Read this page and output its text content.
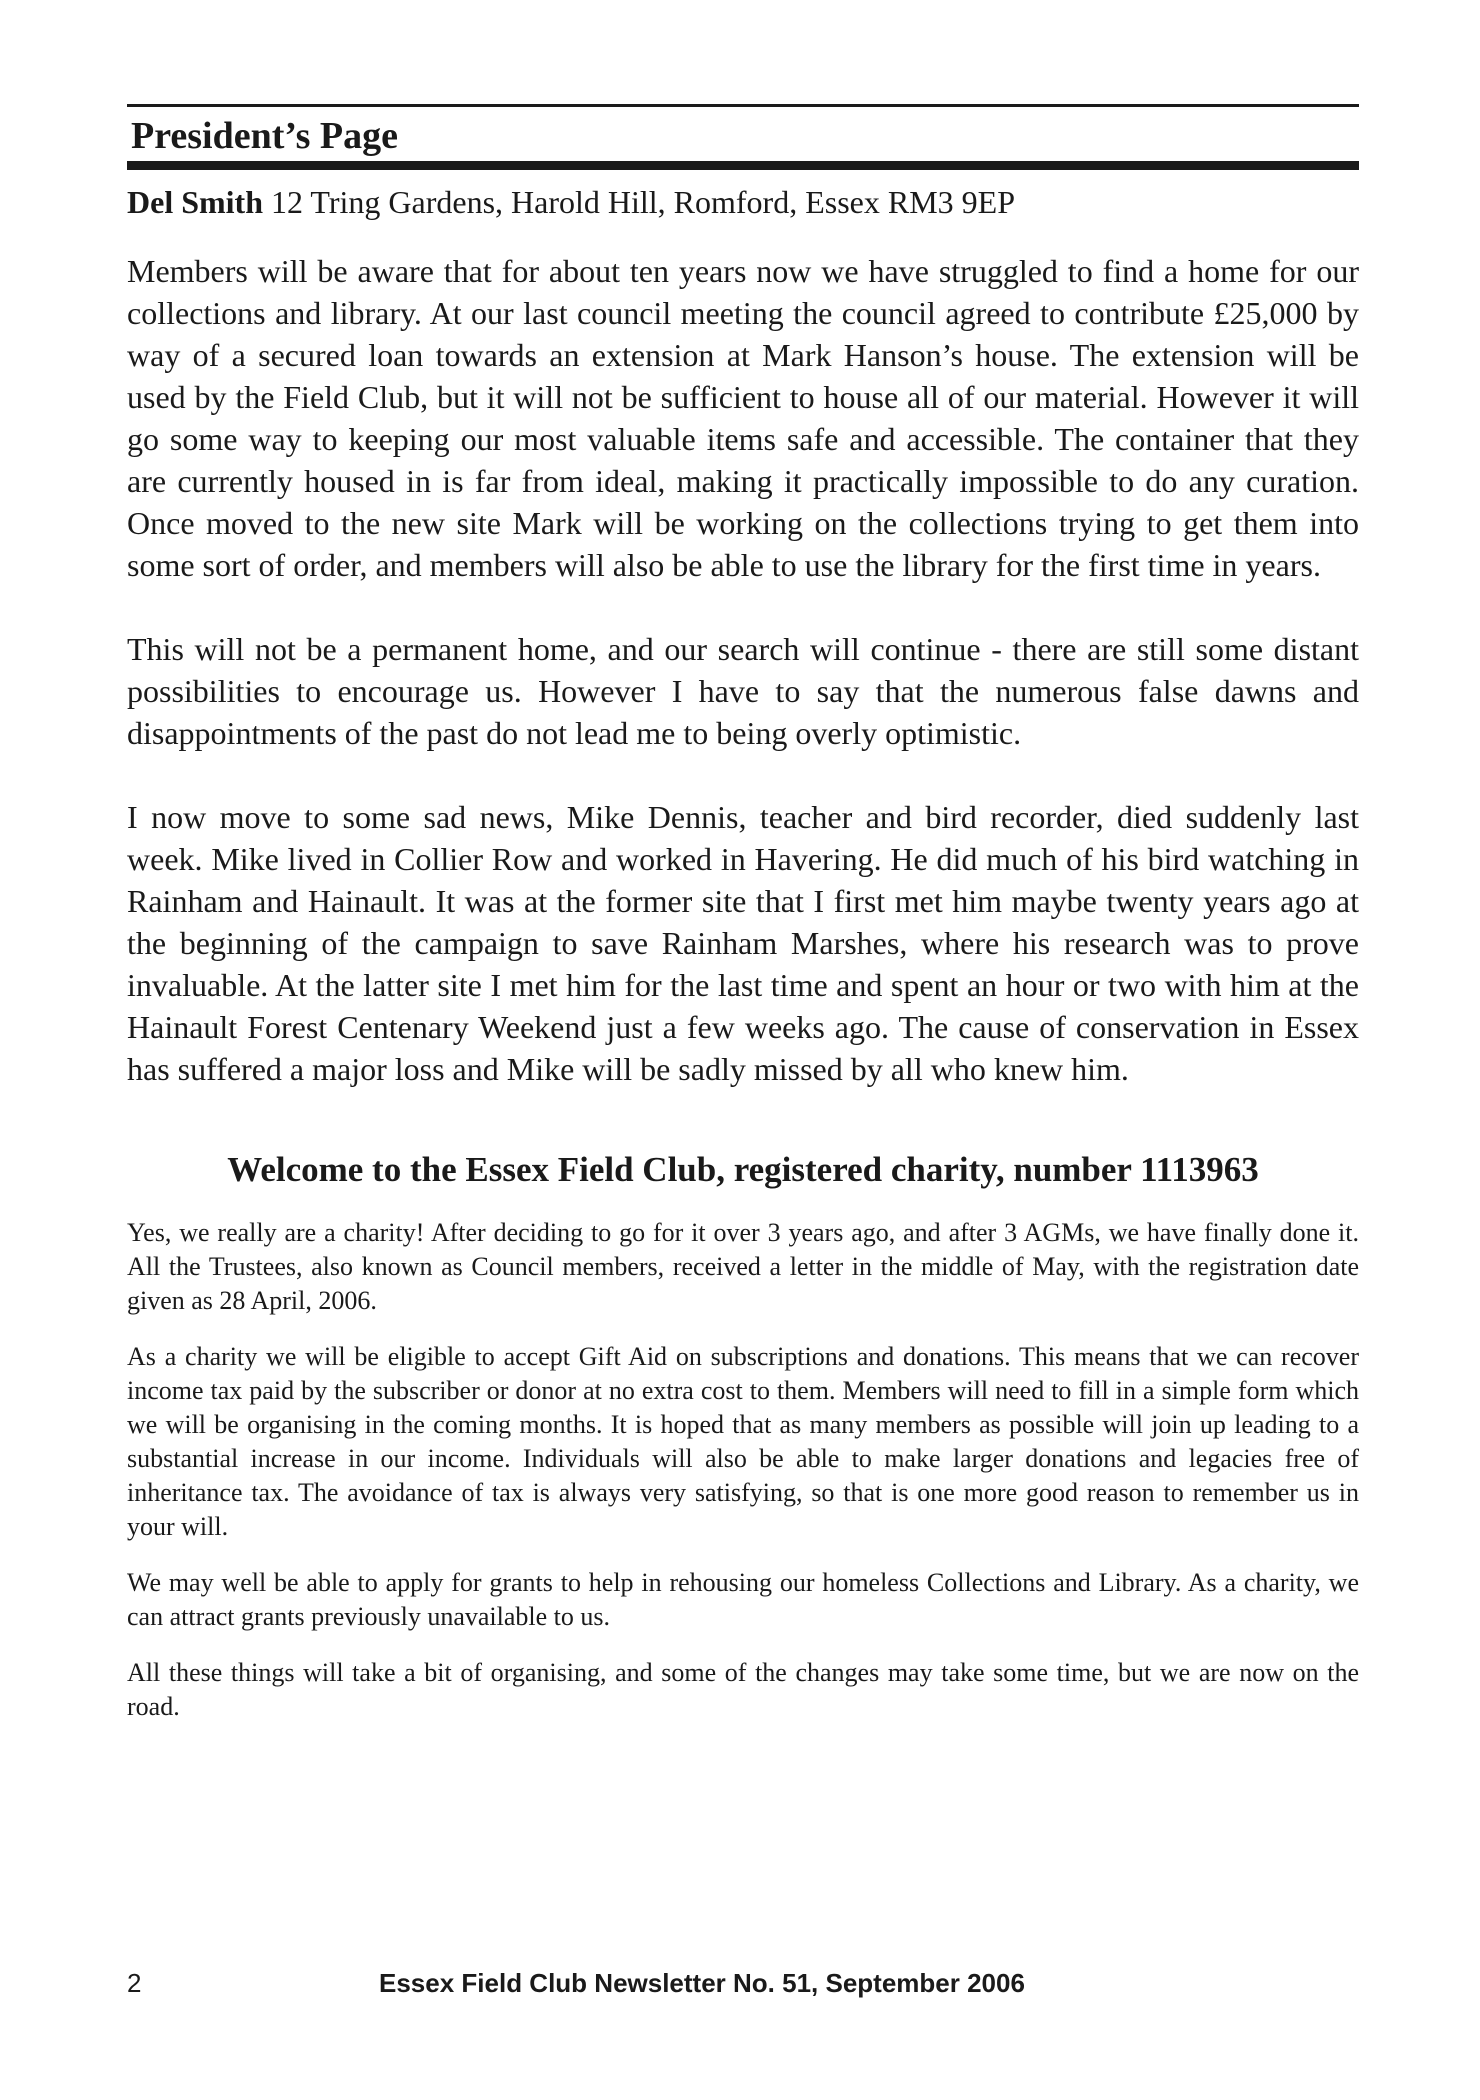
President’s Page

Del Smith 12 Tring Gardens, Harold Hill, Romford, Essex RM3 9EP

Members will be aware that for about ten years now we have struggled to find a home for our collections and library. At our last council meeting the council agreed to contribute £25,000 by way of a secured loan towards an extension at Mark Hanson’s house. The extension will be used by the Field Club, but it will not be sufficient to house all of our material. However it will go some way to keeping our most valuable items safe and accessible. The container that they are currently housed in is far from ideal, making it practically impossible to do any curation. Once moved to the new site Mark will be working on the collections trying to get them into some sort of order, and members will also be able to use the library for the first time in years.

This will not be a permanent home, and our search will continue - there are still some distant possibilities to encourage us. However I have to say that the numerous false dawns and disappointments of the past do not lead me to being overly optimistic.

I now move to some sad news, Mike Dennis, teacher and bird recorder, died suddenly last week. Mike lived in Collier Row and worked in Havering. He did much of his bird watching in Rainham and Hainault. It was at the former site that I first met him maybe twenty years ago at the beginning of the campaign to save Rainham Marshes, where his research was to prove invaluable. At the latter site I met him for the last time and spent an hour or two with him at the Hainault Forest Centenary Weekend just a few weeks ago. The cause of conservation in Essex has suffered a major loss and Mike will be sadly missed by all who knew him.

Welcome to the Essex Field Club, registered charity, number 1113963

Yes, we really are a charity! After deciding to go for it over 3 years ago, and after 3 AGMs, we have finally done it. All the Trustees, also known as Council members, received a letter in the middle of May, with the registration date given as 28 April, 2006.

As a charity we will be eligible to accept Gift Aid on subscriptions and donations. This means that we can recover income tax paid by the subscriber or donor at no extra cost to them. Members will need to fill in a simple form which we will be organising in the coming months. It is hoped that as many members as possible will join up leading to a substantial increase in our income. Individuals will also be able to make larger donations and legacies free of inheritance tax. The avoidance of tax is always very satisfying, so that is one more good reason to remember us in your will.

We may well be able to apply for grants to help in rehousing our homeless Collections and Library. As a charity, we can attract grants previously unavailable to us.

All these things will take a bit of organising, and some of the changes may take some time, but we are now on the road.

2	Essex Field Club Newsletter No. 51, September 2006
